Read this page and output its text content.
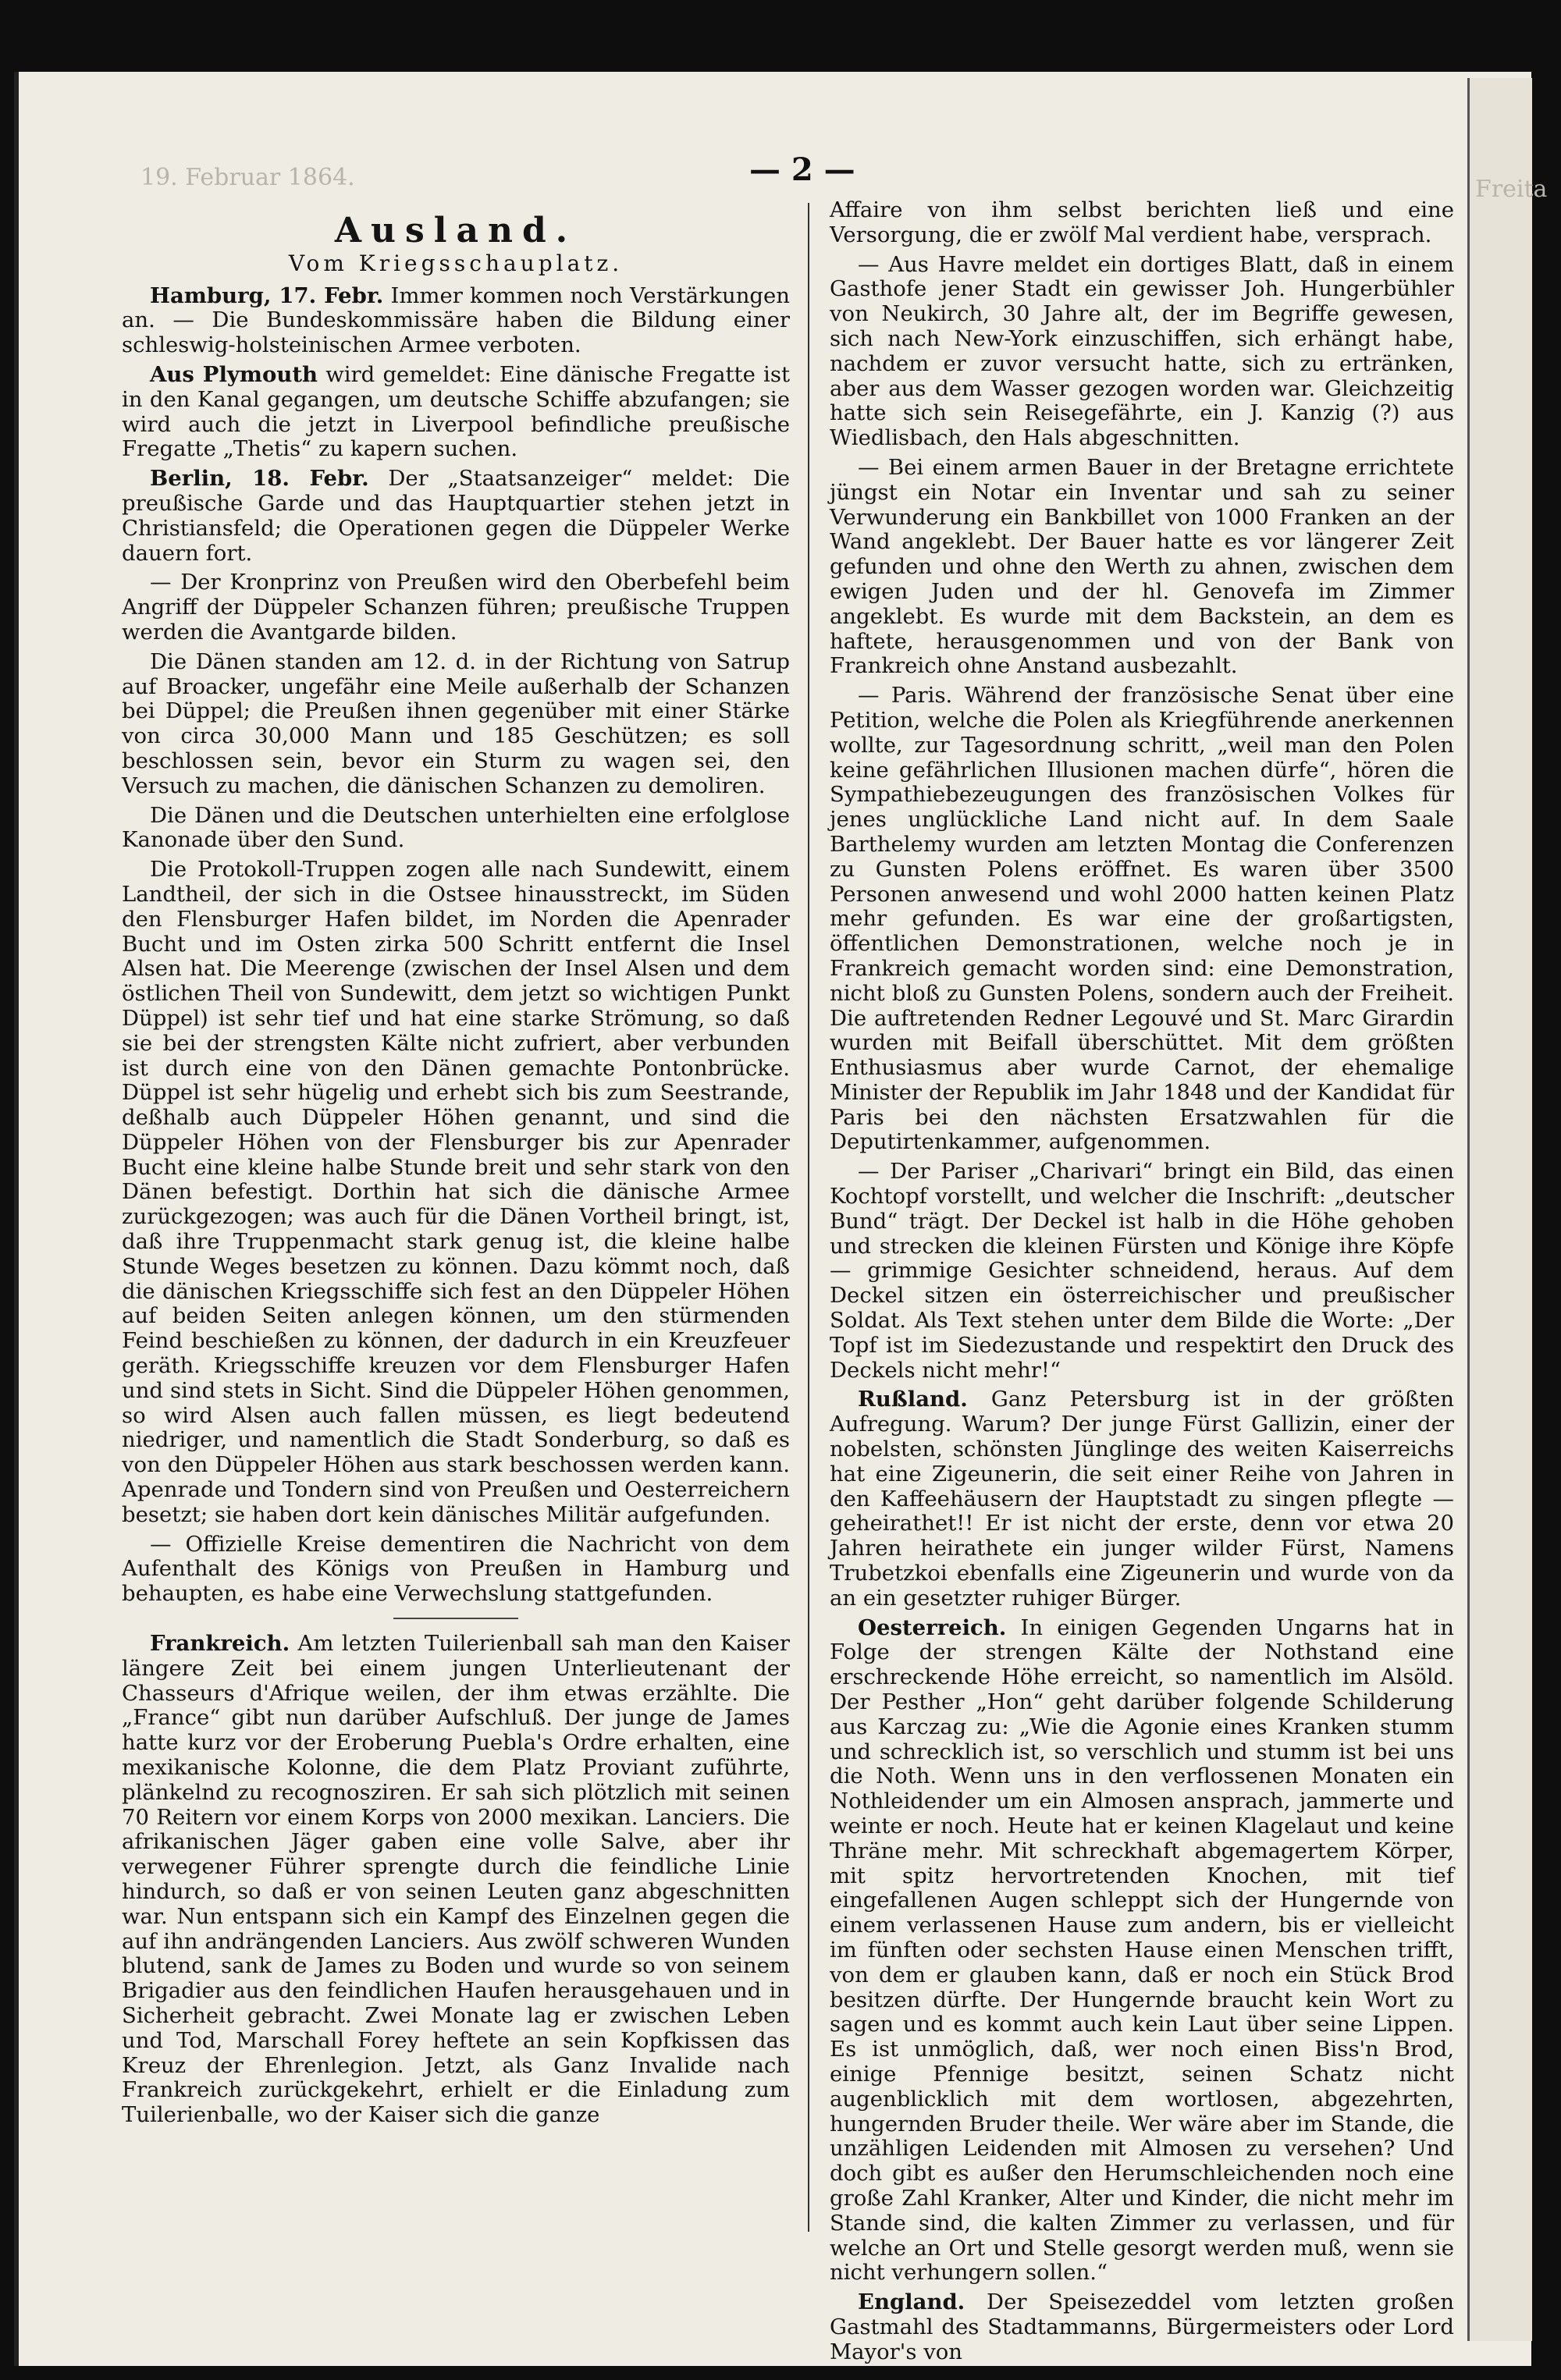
19. Februar 1864.	Freita
— 2 —
Ausland.
Vom Kriegsschauplatz.

Hamburg, 17. Febr. Immer kommen noch Verstärkungen an. — Die Bundeskommissäre haben die Bildung einer schleswig-holsteinischen Armee verboten.

Aus Plymouth wird gemeldet: Eine dänische Fregatte ist in den Kanal gegangen, um deutsche Schiffe abzufangen; sie wird auch die jetzt in Liverpool befindliche preußische Fregatte „Thetis“ zu kapern suchen.

Berlin, 18. Febr. Der „Staatsanzeiger“ meldet: Die preußische Garde und das Hauptquartier stehen jetzt in Christiansfeld; die Operationen gegen die Düppeler Werke dauern fort.

— Der Kronprinz von Preußen wird den Oberbefehl beim Angriff der Düppeler Schanzen führen; preußische Truppen werden die Avantgarde bilden.

Die Dänen standen am 12. d. in der Richtung von Satrup auf Broacker, ungefähr eine Meile außerhalb der Schanzen bei Düppel; die Preußen ihnen gegenüber mit einer Stärke von circa 30,000 Mann und 185 Geschützen; es soll beschlossen sein, bevor ein Sturm zu wagen sei, den Versuch zu machen, die dänischen Schanzen zu demoliren.

Die Dänen und die Deutschen unterhielten eine erfolglose Kanonade über den Sund.

Die Protokoll-Truppen zogen alle nach Sundewitt, einem Landtheil, der sich in die Ostsee hinausstreckt, im Süden den Flensburger Hafen bildet, im Norden die Apenrader Bucht und im Osten zirka 500 Schritt entfernt die Insel Alsen hat. Die Meerenge (zwischen der Insel Alsen und dem östlichen Theil von Sundewitt, dem jetzt so wichtigen Punkt Düppel) ist sehr tief und hat eine starke Strömung, so daß sie bei der strengsten Kälte nicht zufriert, aber verbunden ist durch eine von den Dänen gemachte Pontonbrücke. Düppel ist sehr hügelig und erhebt sich bis zum Seestrande, deßhalb auch Düppeler Höhen genannt, und sind die Düppeler Höhen von der Flensburger bis zur Apenrader Bucht eine kleine halbe Stunde breit und sehr stark von den Dänen befestigt. Dorthin hat sich die dänische Armee zurückgezogen; was auch für die Dänen Vortheil bringt, ist, daß ihre Truppenmacht stark genug ist, die kleine halbe Stunde Weges besetzen zu können. Dazu kömmt noch, daß die dänischen Kriegsschiffe sich fest an den Düppeler Höhen auf beiden Seiten anlegen können, um den stürmenden Feind beschießen zu können, der dadurch in ein Kreuzfeuer geräth. Kriegsschiffe kreuzen vor dem Flensburger Hafen und sind stets in Sicht. Sind die Düppeler Höhen genommen, so wird Alsen auch fallen müssen, es liegt bedeutend niedriger, und namentlich die Stadt Sonderburg, so daß es von den Düppeler Höhen aus stark beschossen werden kann. Apenrade und Tondern sind von Preußen und Oesterreichern besetzt; sie haben dort kein dänisches Militär aufgefunden.

— Offizielle Kreise dementiren die Nachricht von dem Aufenthalt des Königs von Preußen in Hamburg und behaupten, es habe eine Verwechslung stattgefunden.

Frankreich. Am letzten Tuilerienball sah man den Kaiser längere Zeit bei einem jungen Unterlieutenant der Chasseurs d'Afrique weilen, der ihm etwas erzählte. Die „France“ gibt nun darüber Aufschluß. Der junge de James hatte kurz vor der Eroberung Puebla's Ordre erhalten, eine mexikanische Kolonne, die dem Platz Proviant zuführte, plänkelnd zu recognosziren. Er sah sich plötzlich mit seinen 70 Reitern vor einem Korps von 2000 mexikan. Lanciers. Die afrikanischen Jäger gaben eine volle Salve, aber ihr verwegener Führer sprengte durch die feindliche Linie hindurch, so daß er von seinen Leuten ganz abgeschnitten war. Nun entspann sich ein Kampf des Einzelnen gegen die auf ihn andrängenden Lanciers. Aus zwölf schweren Wunden blutend, sank de James zu Boden und wurde so von seinem Brigadier aus den feindlichen Haufen herausgehauen und in Sicherheit gebracht. Zwei Monate lag er zwischen Leben und Tod, Marschall Forey heftete an sein Kopfkissen das Kreuz der Ehrenlegion. Jetzt, als Ganz Invalide nach Frankreich zurückgekehrt, erhielt er die Einladung zum Tuilerienballe, wo der Kaiser sich die ganze

Affaire von ihm selbst berichten ließ und eine Versorgung, die er zwölf Mal verdient habe, versprach.

— Aus Havre meldet ein dortiges Blatt, daß in einem Gasthofe jener Stadt ein gewisser Joh. Hungerbühler von Neukirch, 30 Jahre alt, der im Begriffe gewesen, sich nach New-York einzuschiffen, sich erhängt habe, nachdem er zuvor versucht hatte, sich zu ertränken, aber aus dem Wasser gezogen worden war. Gleichzeitig hatte sich sein Reisegefährte, ein J. Kanzig (?) aus Wiedlisbach, den Hals abgeschnitten.

— Bei einem armen Bauer in der Bretagne errichtete jüngst ein Notar ein Inventar und sah zu seiner Verwunderung ein Bankbillet von 1000 Franken an der Wand angeklebt. Der Bauer hatte es vor längerer Zeit gefunden und ohne den Werth zu ahnen, zwischen dem ewigen Juden und der hl. Genovefa im Zimmer angeklebt. Es wurde mit dem Backstein, an dem es haftete, herausgenommen und von der Bank von Frankreich ohne Anstand ausbezahlt.

— Paris. Während der französische Senat über eine Petition, welche die Polen als Kriegführende anerkennen wollte, zur Tagesordnung schritt, „weil man den Polen keine gefährlichen Illusionen machen dürfe“, hören die Sympathiebezeugungen des französischen Volkes für jenes unglückliche Land nicht auf. In dem Saale Barthelemy wurden am letzten Montag die Conferenzen zu Gunsten Polens eröffnet. Es waren über 3500 Personen anwesend und wohl 2000 hatten keinen Platz mehr gefunden. Es war eine der großartigsten, öffentlichen Demonstrationen, welche noch je in Frankreich gemacht worden sind: eine Demonstration, nicht bloß zu Gunsten Polens, sondern auch der Freiheit. Die auftretenden Redner Legouvé und St. Marc Girardin wurden mit Beifall überschüttet. Mit dem größten Enthusiasmus aber wurde Carnot, der ehemalige Minister der Republik im Jahr 1848 und der Kandidat für Paris bei den nächsten Ersatzwahlen für die Deputirtenkammer, aufgenommen.

— Der Pariser „Charivari“ bringt ein Bild, das einen Kochtopf vorstellt, und welcher die Inschrift: „deutscher Bund“ trägt. Der Deckel ist halb in die Höhe gehoben und strecken die kleinen Fürsten und Könige ihre Köpfe — grimmige Gesichter schneidend, heraus. Auf dem Deckel sitzen ein österreichischer und preußischer Soldat. Als Text stehen unter dem Bilde die Worte: „Der Topf ist im Siedezustande und respektirt den Druck des Deckels nicht mehr!“

Rußland. Ganz Petersburg ist in der größten Aufregung. Warum? Der junge Fürst Gallizin, einer der nobelsten, schönsten Jünglinge des weiten Kaiserreichs hat eine Zigeunerin, die seit einer Reihe von Jahren in den Kaffeehäusern der Hauptstadt zu singen pflegte — geheirathet!! Er ist nicht der erste, denn vor etwa 20 Jahren heirathete ein junger wilder Fürst, Namens Trubetzkoi ebenfalls eine Zigeunerin und wurde von da an ein gesetzter ruhiger Bürger.

Oesterreich. In einigen Gegenden Ungarns hat in Folge der strengen Kälte der Nothstand eine erschreckende Höhe erreicht, so namentlich im Alsöld. Der Pesther „Hon“ geht darüber folgende Schilderung aus Karczag zu: „Wie die Agonie eines Kranken stumm und schrecklich ist, so verschlich und stumm ist bei uns die Noth. Wenn uns in den verflossenen Monaten ein Nothleidender um ein Almosen ansprach, jammerte und weinte er noch. Heute hat er keinen Klagelaut und keine Thräne mehr. Mit schreckhaft abgemagertem Körper, mit spitz hervortretenden Knochen, mit tief eingefallenen Augen schleppt sich der Hungernde von einem verlassenen Hause zum andern, bis er vielleicht im fünften oder sechsten Hause einen Menschen trifft, von dem er glauben kann, daß er noch ein Stück Brod besitzen dürfte. Der Hungernde braucht kein Wort zu sagen und es kommt auch kein Laut über seine Lippen. Es ist unmöglich, daß, wer noch einen Biss'n Brod, einige Pfennige besitzt, seinen Schatz nicht augenblicklich mit dem wortlosen, abgezehrten, hungernden Bruder theile. Wer wäre aber im Stande, die unzähligen Leidenden mit Almosen zu versehen? Und doch gibt es außer den Herumschleichenden noch eine große Zahl Kranker, Alter und Kinder, die nicht mehr im Stande sind, die kalten Zimmer zu verlassen, und für welche an Ort und Stelle gesorgt werden muß, wenn sie nicht verhungern sollen.“

England. Der Speisezeddel vom letzten großen Gastmahl des Stadtammanns, Bürgermeisters oder Lord Mayor's von
